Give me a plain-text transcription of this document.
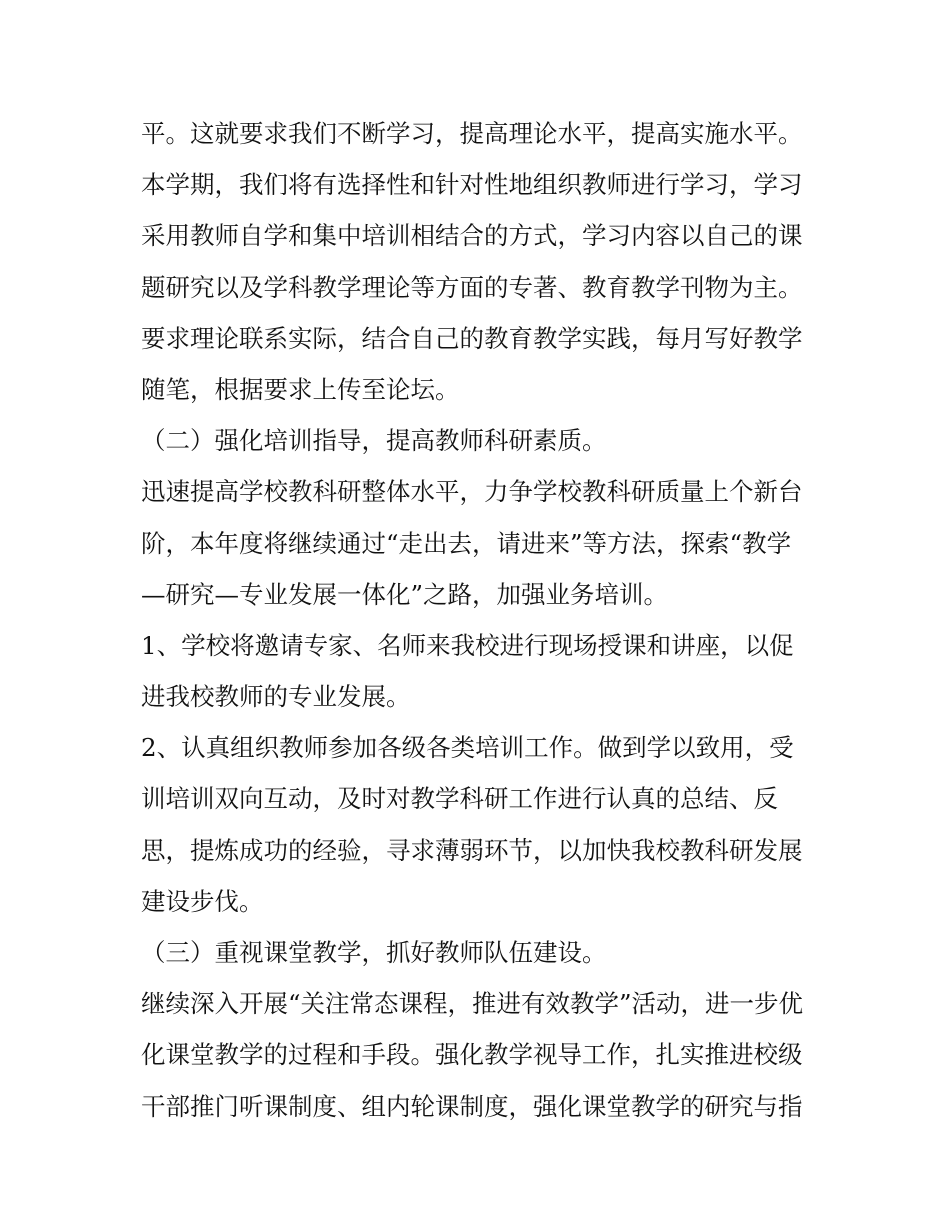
平。这就要求我们不断学习，提高理论水平，提高实施水平。
本学期，我们将有选择性和针对性地组织教师进行学习，学习
采用教师自学和集中培训相结合的方式，学习内容以自己的课
题研究以及学科教学理论等方面的专著、教育教学刊物为主。
要求理论联系实际，结合自己的教育教学实践，每月写好教学
随笔，根据要求上传至论坛。
（二）强化培训指导，提高教师科研素质。
迅速提高学校教科研整体水平，力争学校教科研质量上个新台
阶，本年度将继续通过“走出去，请进来”等方法，探索“教学
—研究—专业发展一体化”之路，加强业务培训。
1、学校将邀请专家、名师来我校进行现场授课和讲座，以促
进我校教师的专业发展。
2、认真组织教师参加各级各类培训工作。做到学以致用，受
训培训双向互动，及时对教学科研工作进行认真的总结、反
思，提炼成功的经验，寻求薄弱环节，以加快我校教科研发展
建设步伐。
（三）重视课堂教学，抓好教师队伍建设。
继续深入开展“关注常态课程，推进有效教学”活动，进一步优
化课堂教学的过程和手段。强化教学视导工作，扎实推进校级
干部推门听课制度、组内轮课制度，强化课堂教学的研究与指
